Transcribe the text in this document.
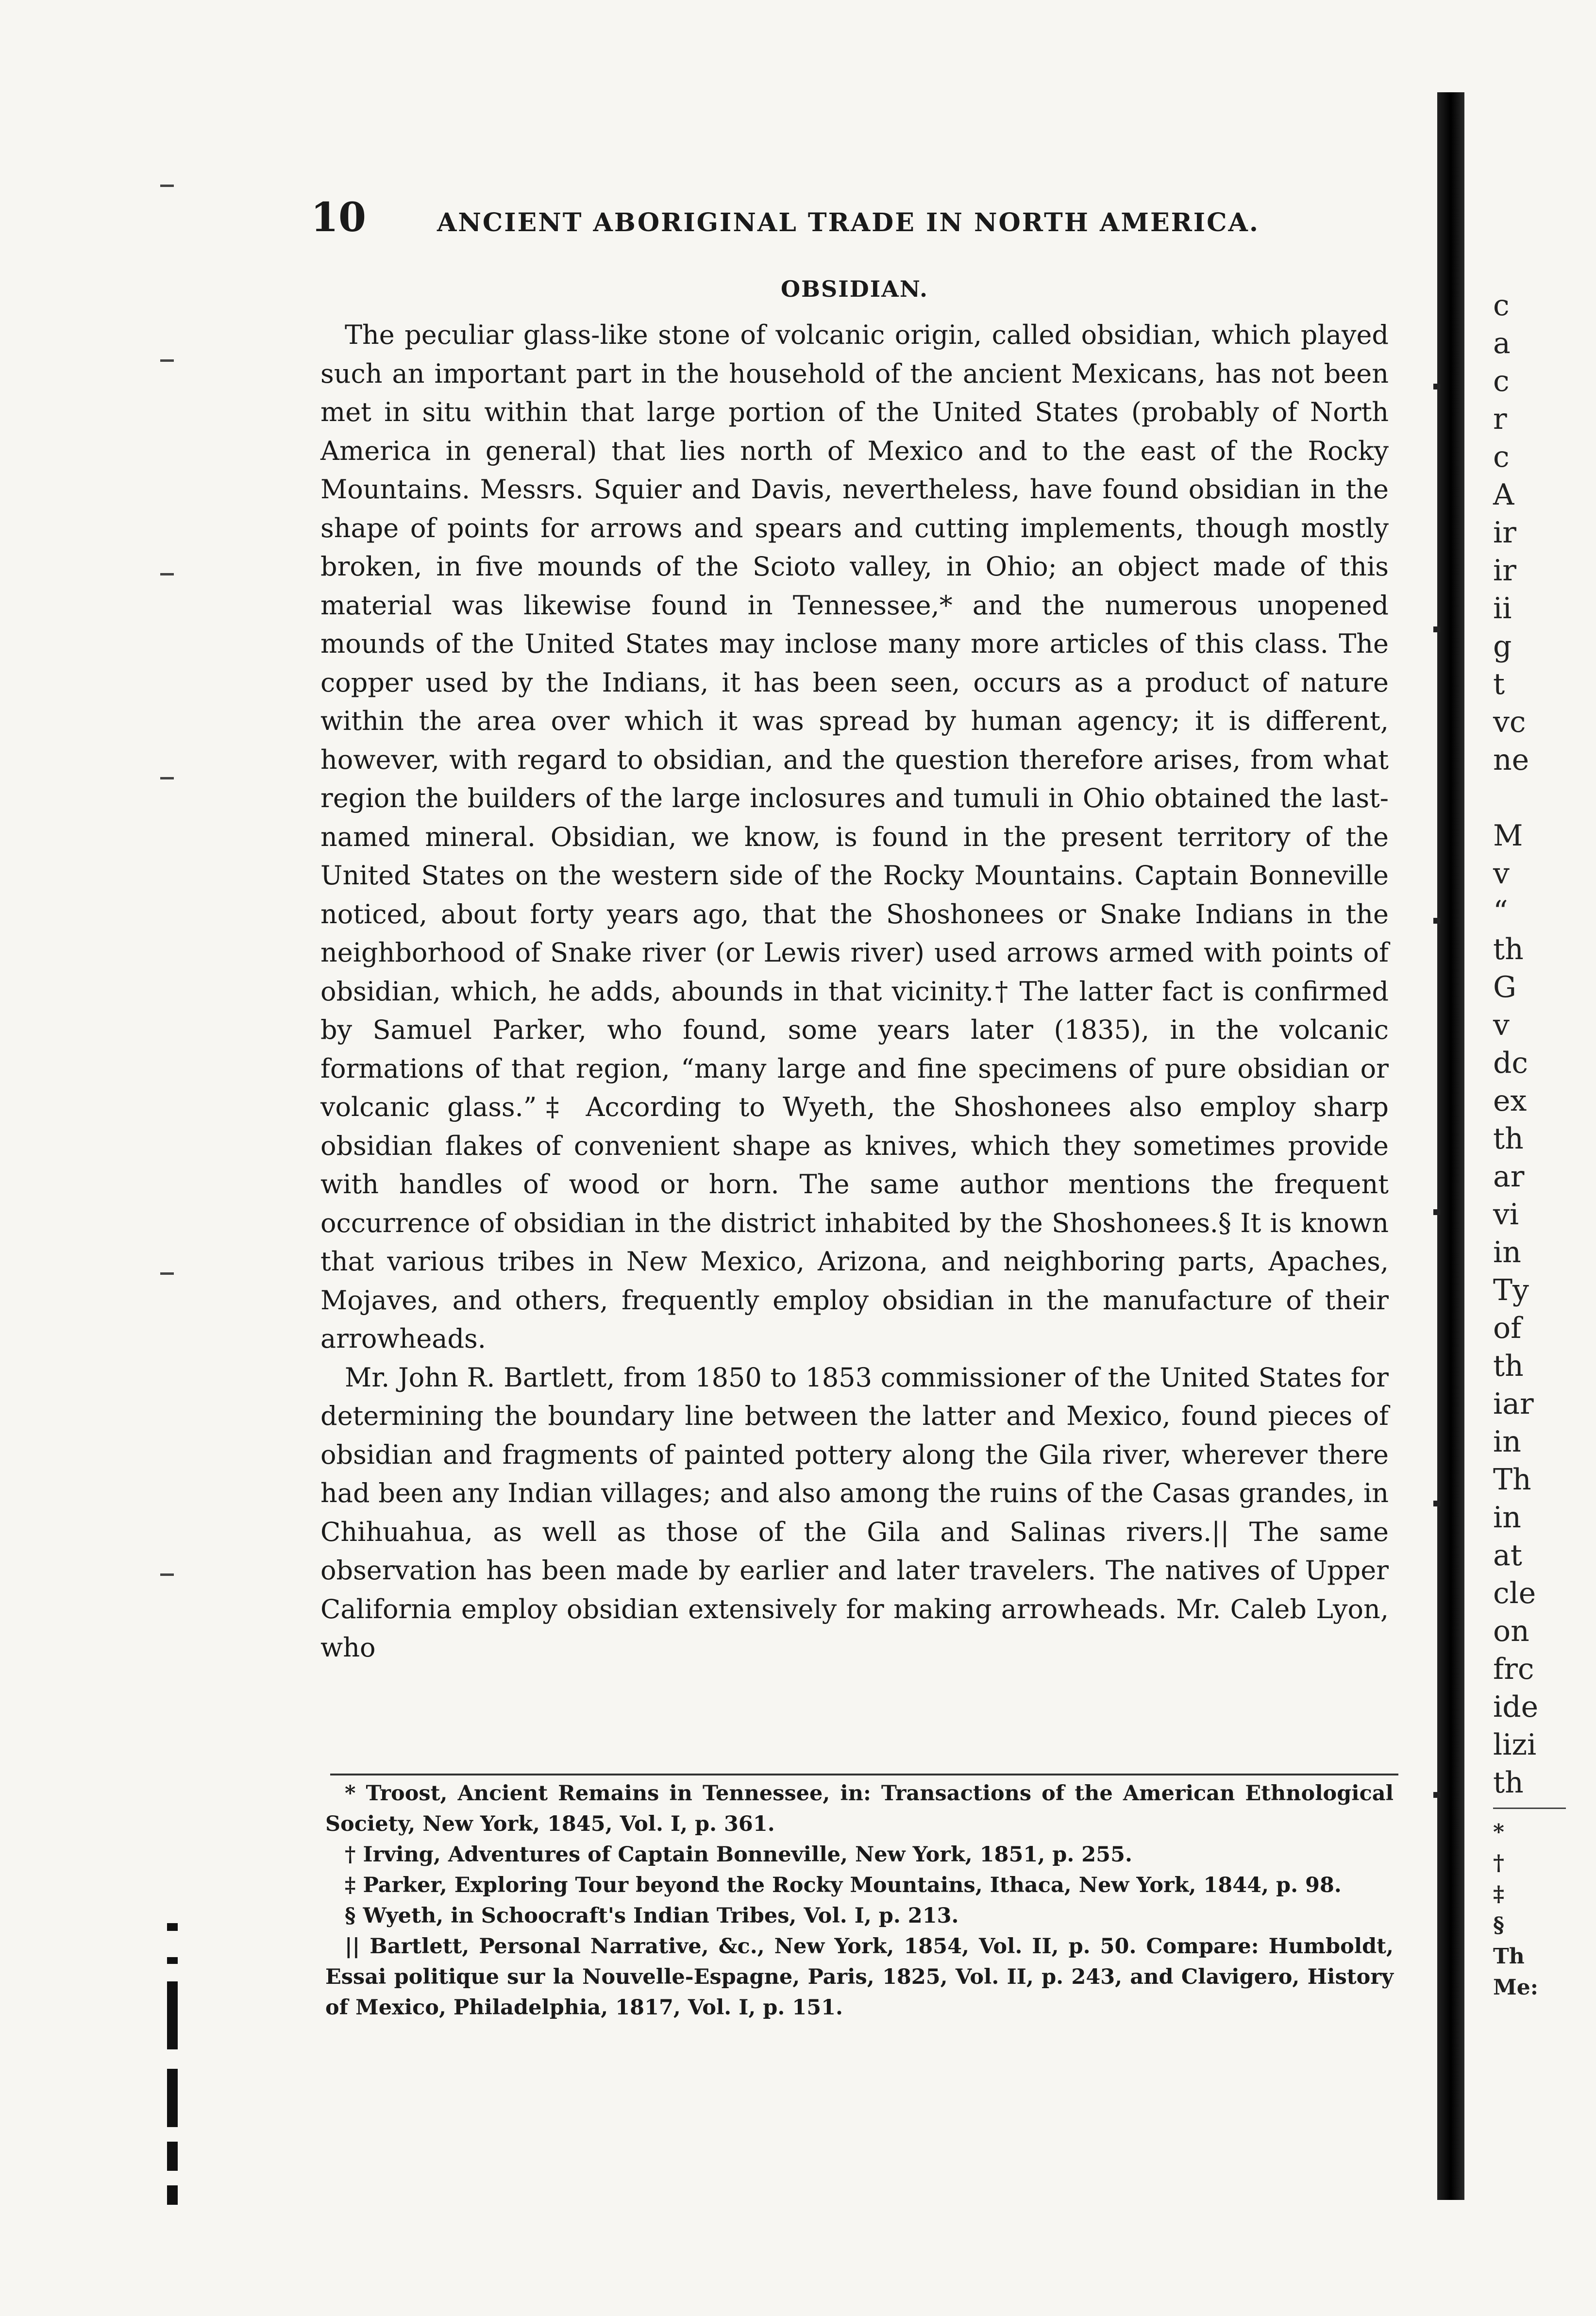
10	ANCIENT ABORIGINAL TRADE IN NORTH AMERICA.
OBSIDIAN.

The peculiar glass-like stone of volcanic origin, called obsidian, which played such an important part in the household of the ancient Mexicans, has not been met in situ within that large portion of the United States (probably of North America in general) that lies north of Mexico and to the east of the Rocky Mountains. Messrs. Squier and Davis, nevertheless, have found obsidian in the shape of points for arrows and spears and cutting implements, though mostly broken, in five mounds of the Scioto valley, in Ohio; an object made of this material was likewise found in Tennessee,* and the numerous unopened mounds of the United States may inclose many more articles of this class. The copper used by the Indians, it has been seen, occurs as a product of nature within the area over which it was spread by human agency; it is different, however, with regard to obsidian, and the question therefore arises, from what region the builders of the large inclosures and tumuli in Ohio obtained the last-named mineral. Obsidian, we know, is found in the present territory of the United States on the western side of the Rocky Mountains. Captain Bonneville noticed, about forty years ago, that the Shoshonees or Snake Indians in the neighborhood of Snake river (or Lewis river) used arrows armed with points of obsidian, which, he adds, abounds in that vicinity.† The latter fact is confirmed by Samuel Parker, who found, some years later (1835), in the volcanic formations of that region, “many large and fine specimens of pure obsidian or volcanic glass.”‡ According to Wyeth, the Shoshonees also employ sharp obsidian flakes of convenient shape as knives, which they sometimes provide with handles of wood or horn. The same author mentions the frequent occurrence of obsidian in the district inhabited by the Shoshonees.§ It is known that various tribes in New Mexico, Arizona, and neighboring parts, Apaches, Mojaves, and others, frequently employ obsidian in the manufacture of their arrowheads.

Mr. John R. Bartlett, from 1850 to 1853 commissioner of the United States for determining the boundary line between the latter and Mexico, found pieces of obsidian and fragments of painted pottery along the Gila river, wherever there had been any Indian villages; and also among the ruins of the Casas grandes, in Chihuahua, as well as those of the Gila and Salinas rivers.|| The same observation has been made by earlier and later travelers. The natives of Upper California employ obsidian extensively for making arrowheads. Mr. Caleb Lyon, who

* Troost, Ancient Remains in Tennessee, in: Transactions of the American Ethnological Society, New York, 1845, Vol. I, p. 361.

† Irving, Adventures of Captain Bonneville, New York, 1851, p. 255.

‡ Parker, Exploring Tour beyond the Rocky Mountains, Ithaca, New York, 1844, p. 98.

§ Wyeth, in Schoocraft's Indian Tribes, Vol. I, p. 213.

|| Bartlett, Personal Narrative, &c., New York, 1854, Vol. II, p. 50. Compare: Humboldt, Essai politique sur la Nouvelle-Espagne, Paris, 1825, Vol. II, p. 243, and Clavigero, History of Mexico, Philadelphia, 1817, Vol. I, p. 151.

c
a
c
r
c
A
ir
ir
ii
g
t
vc
ne
M
v
“
th
G
v
dc
ex
th
ar
vi
in
Ty
of
th
iar
in
Th
in
at
cle
on
frc
ide
lizi
th
*
†
‡
§
Th
Me:
